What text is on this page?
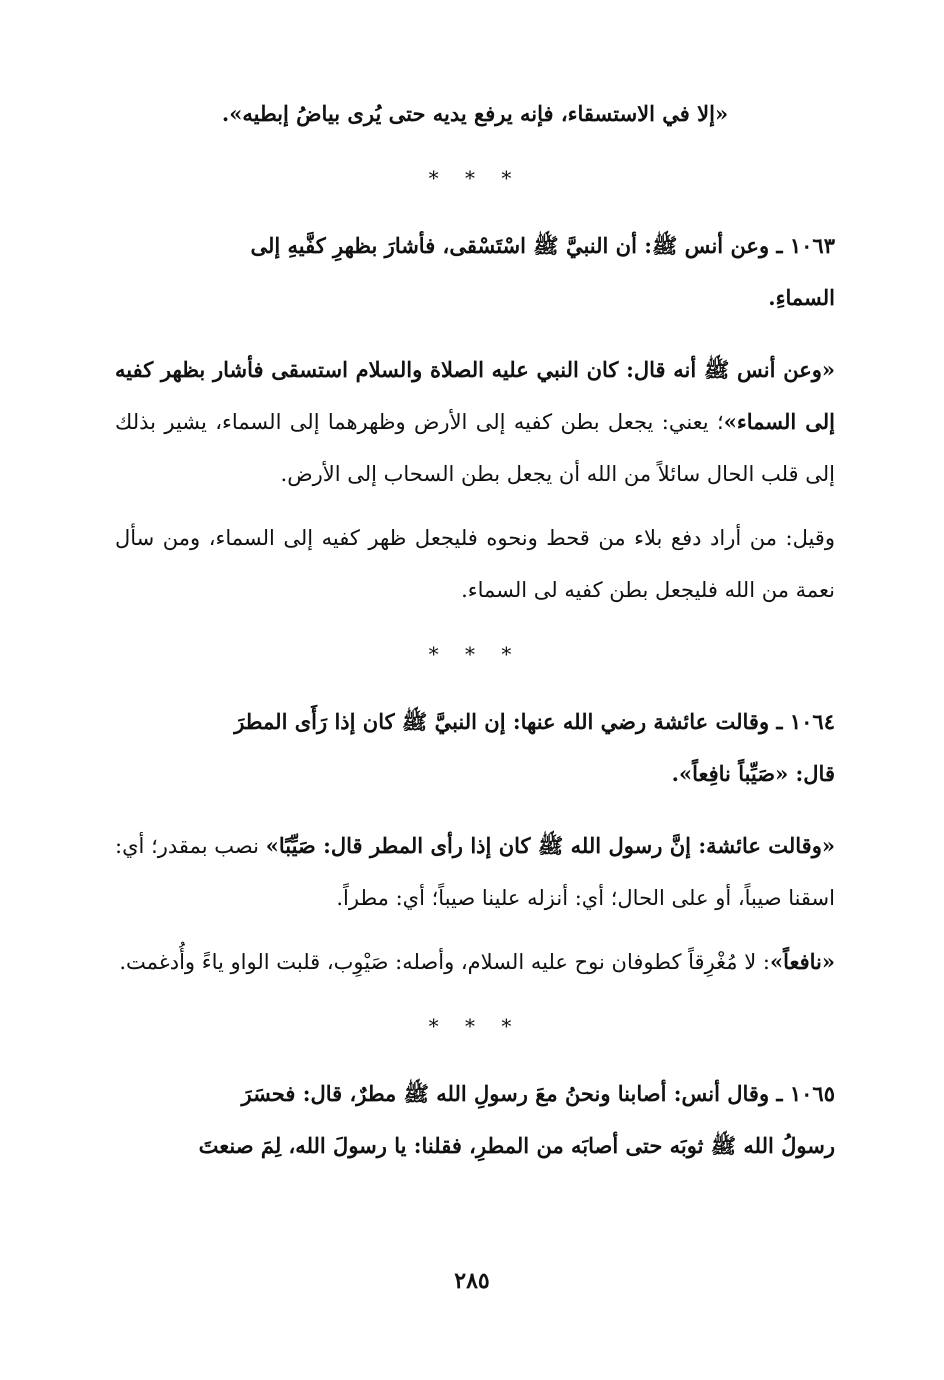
«إلا في الاستسقاء، فإنه يرفع يديه حتى يُرى بياضُ إبطيه».

* * *

١٠٦٣ ـ وعن أنس ﷺ: أن النبيَّ ﷺ اسْتَسْقى، فأشارَ بظهرِ كفَّيهِ إلى
السماءِ.

«وعن أنس ﷺ أنه قال: كان النبي عليه الصلاة والسلام استسقى فأشار بظهر كفيه إلى السماء»؛ يعني: يجعل بطن كفيه إلى الأرض وظهرهما إلى السماء، يشير بذلك إلى قلب الحال سائلاً من الله أن يجعل بطن السحاب إلى الأرض.

وقيل: من أراد دفع بلاء من قحط ونحوه فليجعل ظهر كفيه إلى السماء، ومن سأل نعمة من الله فليجعل بطن كفيه لى السماء.

* * *

١٠٦٤ ـ وقالت عائشة رضي الله عنها: إن النبيَّ ﷺ كان إذا رَأَى المطرَ
قال: «صَيِّباً نافِعاً».

«وقالت عائشة: إنَّ رسول الله ﷺ كان إذا رأى المطر قال: صَيِّبًا» نصب بمقدر؛ أي: اسقنا صيباً، أو على الحال؛ أي: أنزله علينا صيباً؛ أي: مطراً.

«نافعاً»: لا مُغْرِقاً كطوفان نوح عليه السلام، وأصله: صَيْوِب، قلبت الواو ياءً وأُدغمت.

* * *

١٠٦٥ ـ وقال أنس: أصابنا ونحنُ معَ رسولِ الله ﷺ مطرٌ، قال: فحسَرَ
رسولُ الله ﷺ ثوبَه حتى أصابَه من المطرِ، فقلنا: يا رسولَ الله، لِمَ صنعتَ

٢٨٥
